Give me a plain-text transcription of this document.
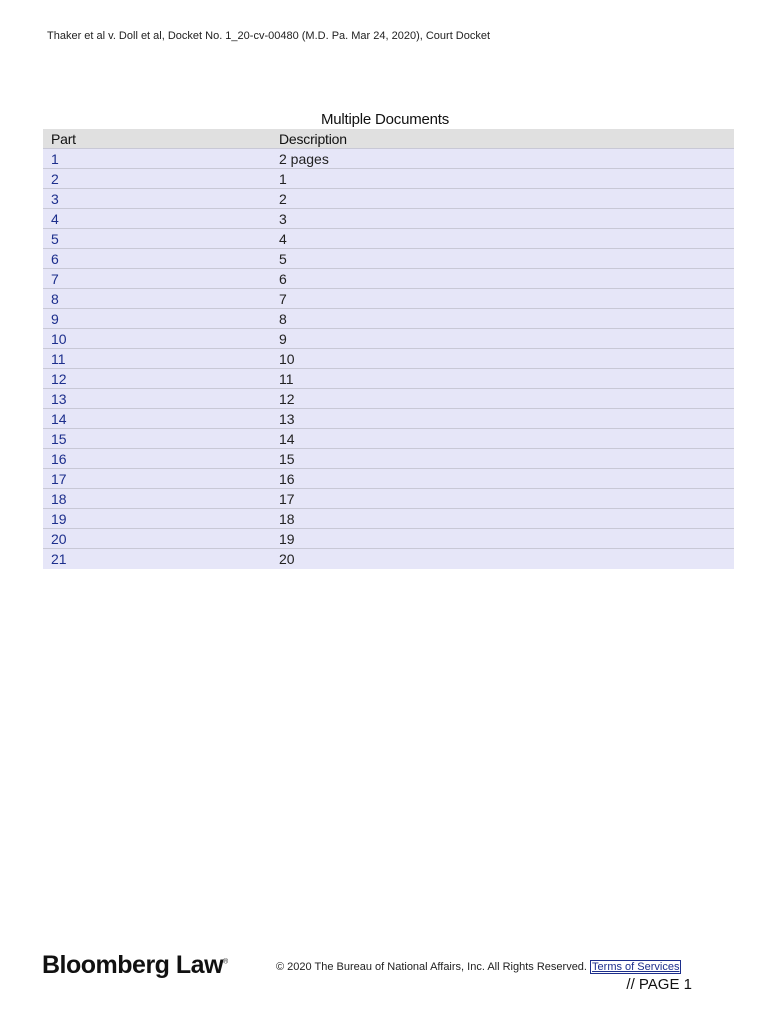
Thaker et al v. Doll et al, Docket No. 1_20-cv-00480 (M.D. Pa. Mar 24, 2020), Court Docket
Multiple Documents
Part	Description
1	2 pages
2	1
3	2
4	3
5	4
6	5
7	6
8	7
9	8
10	9
11	10
12	11
13	12
14	13
15	14
16	15
17	16
18	17
19	18
20	19
21	20
Bloomberg Law®	© 2020 The Bureau of National Affairs, Inc. All Rights Reserved. Terms of Services
// PAGE 1
